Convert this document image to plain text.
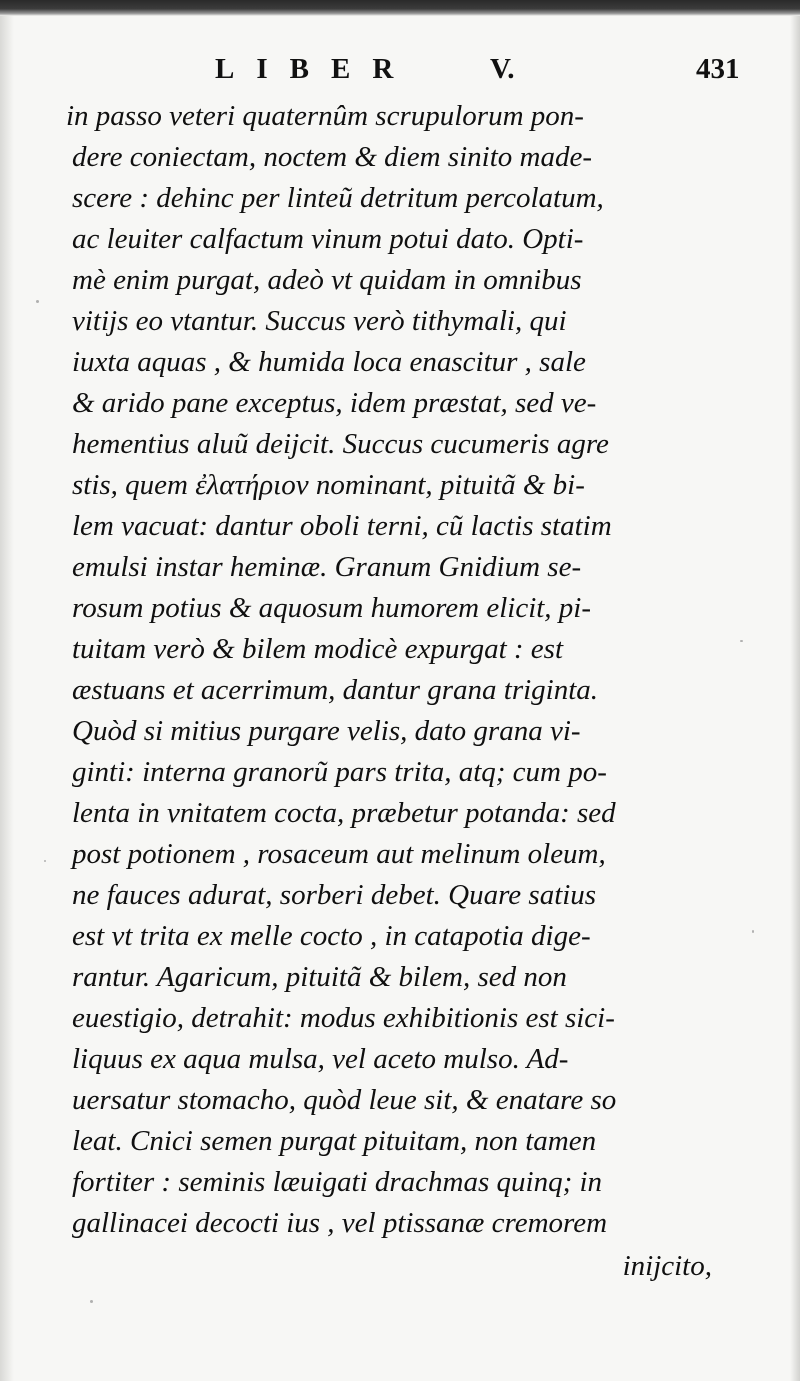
LIBER	V.	431
in passo veteri quaternûm scrupulorum pon-
dere coniectam, noctem & diem sinito made-
scere : dehinc per linteũ detritum percolatum,
ac leuiter calfactum vinum potui dato. Opti-
mè enim purgat, adeò vt quidam in omnibus
vitijs eo vtantur. Succus verò tithymali, qui
iuxta aquas , & humida loca enascitur , sale
& arido pane exceptus, idem præstat, sed ve-
hementius aluũ deijcit. Succus cucumeris agre
stis, quem ἐλατήριον nominant, pituitã & bi-
lem vacuat: dantur oboli terni, cũ lactis statim
emulsi instar heminæ. Granum Gnidium se-
rosum potius & aquosum humorem elicit, pi-
tuitam verò & bilem modicè expurgat : est
æstuans et acerrimum, dantur grana triginta.
Quòd si mitius purgare velis, dato grana vi-
ginti: interna granorũ pars trita, atq; cum po-
lenta in vnitatem cocta, præbetur potanda: sed
post potionem , rosaceum aut melinum oleum,
ne fauces adurat, sorberi debet. Quare satius
est vt trita ex melle cocto , in catapotia dige-
rantur. Agaricum, pituitã & bilem, sed non
euestigio, detrahit: modus exhibitionis est sici-
liquus ex aqua mulsa, vel aceto mulso. Ad-
uersatur stomacho, quòd leue sit, & enatare so
leat. Cnici semen purgat pituitam, non tamen
fortiter : seminis læuigati drachmas quinq; in
gallinacei decocti ius , vel ptissanæ cremorem
inijcito,
